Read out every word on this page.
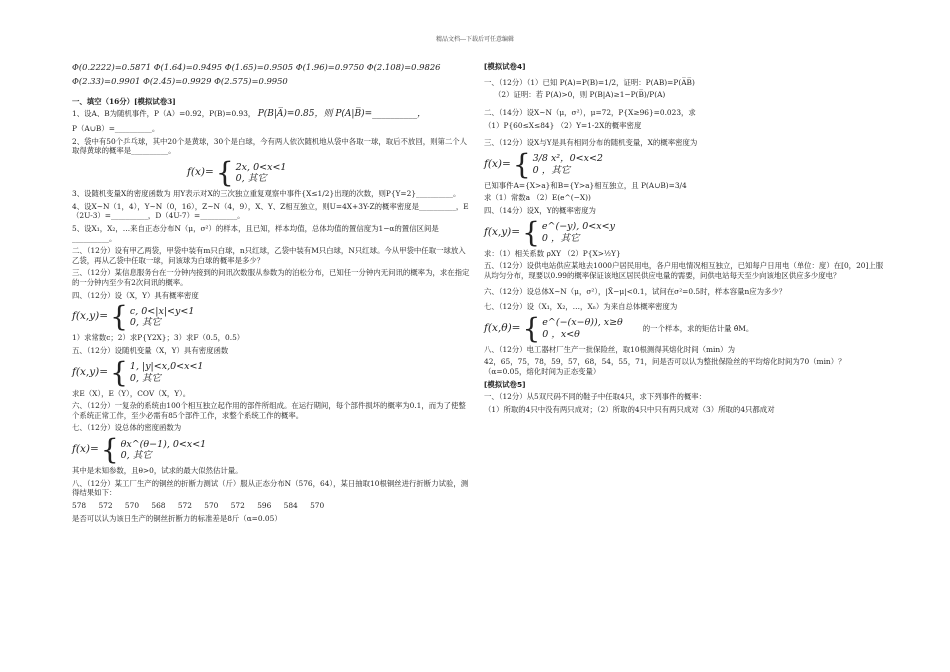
精品文档---下载后可任意编辑

Φ(0.2222)=0.5871 Φ(1.64)=0.9495 Φ(1.65)=0.9505 Φ(1.96)=0.9750 Φ(2.108)=0.9826

Φ(2.33)=0.9901 Φ(2.45)=0.9929 Φ(2.575)=0.9950

一、填空（16分）[模拟试卷3]

1、设A、B为随机事件，P（A）=0.92，P(B)=0.93， P(B|A̅)=0.85，则 P(A|B̅)=__________，

P（A∪B）=__________。

2、袋中有50个乒乓球，其中20个是黄球，30个是白球，今有两人依次随机地从袋中各取一球，取后不放回，则第二个人取得黄球的概率是__________。

f(x)= { 2x, 0<x<1
0, 其它

3、设随机变量X的密度函数为 用Y表示对X的三次独立重复观察中事件{X≤1/2}出现的次数，则P{Y=2}__________。

4、设X~N（1，4），Y~N（0，16），Z~N（4，9），X、Y、Z相互独立，则U=4X+3Y-Z的概率密度是__________，E（2U-3）=__________，D（4U-7）=__________。

5、设X₁，X₂，…来自正态分布N（μ，σ²）的样本，且已知，样本均值，总体均值的置信度为1−α的置信区间是__________。

二、（12分）设有甲乙两袋，甲袋中装有m只白球，n只红球，乙袋中装有M只白球，N只红球。今从甲袋中任取一球放入乙袋，再从乙袋中任取一球，问该球为白球的概率是多少？

三、（12分）某信息服务台在一分钟内接到的问讯次数服从参数为的泊松分布，已知任一分钟内无问讯的概率为，求在指定的一分钟内至少有2次问讯的概率。

四、（12分）设（X，Y）具有概率密度

f(x,y)= { c, 0<|x|<y<1
0, 其它

1）求常数c；2）求P{Y2X}；3）求F（0.5，0.5）

五、（12分）设随机变量（X，Y）具有密度函数

f(x,y)= { 1, |y|<x,0<x<1
0, 其它

求E（X），E（Y），COV（X，Y）。

六、（12分）一复杂的系统由100个相互独立起作用的部件所组成。在运行期间，每个部件损坏的概率为0.1，而为了使整个系统正常工作，至少必需有85个部件工作，求整个系统工作的概率。

七、（12分）设总体的密度函数为

f(x)= { θx^(θ−1), 0<x<1
0, 其它

其中是未知参数，且θ>0，试求的最大似然估计量。

八、（12分）某工厂生产的铜丝的折断力测试（斤）服从正态分布N（576，64），某日抽取10根铜丝进行折断力试验，测得结果如下：

578 572 570 568 572 570 572 596 584 570

是否可以认为该日生产的铜丝折断力的标准差是8斤（α=0.05）

[模拟试卷4]

一、（12分）（1）已知 P(A)=P(B)=1/2，证明：P(AB)=P(A̅B̅)

（2）证明：若 P(A)>0，则 P(B|A)≥1−P(B̅)/P(A)

二、（14分）设X~N（μ，σ²），μ=72，P{X≥96}=0.023，求

（1）P{60≤X≤84} （2）Y=1-2X的概率密度

三、（12分）设X与Y是具有相同分布的随机变量，X的概率密度为

f(x)= { 3/8 x²，0<x<2
0 ，其它

已知事件A={X>a}和B={Y>a}相互独立，且 P(A∪B)=3/4

求（1）常数a （2）E(e^(−X))

四、（14分）设X，Y的概率密度为

f(x,y)= { e^(−y), 0<x<y
0 ，其它

求：（1）相关系数 ρXY （2）P{X>½Y}

五、（12分）设供电站供应某地去1000户居民用电，各户用电情况相互独立，已知每户日用电（单位：度）在[0，20]上服从均匀分布，现要以0.99的概率保证该地区居民供应电量的需要，问供电站每天至少向该地区供应多少度电？

六、（12分）设总体X~N（μ，σ²），|X̄−μ|<0.1，试问在σ²=0.5时，样本容量n应为多少？

七、（12分）设（X₁，X₂，…，Xₙ）为来自总体概率密度为

f(x,θ)= { e^(−(x−θ)), x≥θ
0 ，x<θ
的一个样本，求的矩估计量 θ̂M。

八、（12分）电工器材厂生产一批保险丝，取10根测得其熔化时间（min）为

42，65，75，78，59，57，68，54，55，71，问是否可以认为整批保险丝的平均熔化时间为70（min）？（α=0.05，熔化时间为正态变量）

[模拟试卷5]

一、（12分）从5双尺码不同的鞋子中任取4只，求下列事件的概率：

（1）所取的4只中没有两只成对；（2）所取的4只中只有两只成对（3）所取的4只都成对
